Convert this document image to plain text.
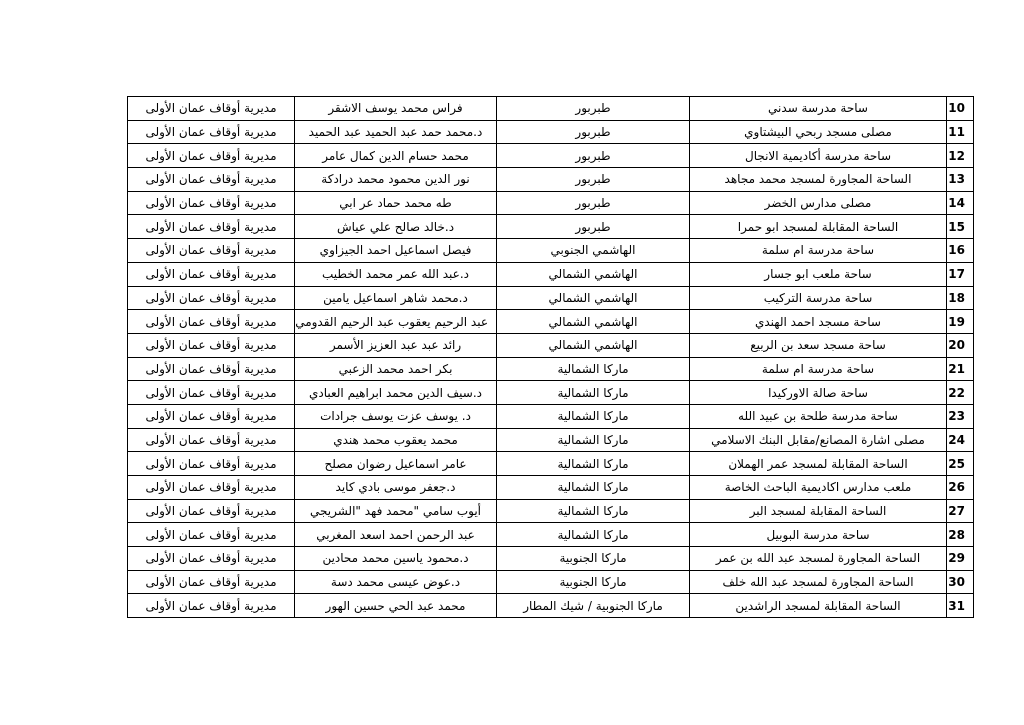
10	ساحة مدرسة سدني	طبربور	فراس محمد يوسف الاشقر	مديرية أوقاف عمان الأولى
11	مصلى مسجد ربحي البيشتاوي	طبربور	د.محمد حمد عبد الحميد عبد الحميد	مديرية أوقاف عمان الأولى
12	ساحة مدرسة أكاديمية الانجال	طبربور	محمد حسام الدين كمال عامر	مديرية أوقاف عمان الأولى
13	الساحة المجاورة لمسجد محمد مجاهد	طبربور	نور الدين محمود محمد درادكة	مديرية أوقاف عمان الأولى
14	مصلى مدارس الخضر	طبربور	طه محمد حماد عر ابي	مديرية أوقاف عمان الأولى
15	الساحة المقابلة لمسجد ابو حمرا	طبربور	د.خالد صالح علي عياش	مديرية أوقاف عمان الأولى
16	ساحة مدرسة ام سلمة	الهاشمي الجنوبي	فيصل اسماعيل احمد الجيزاوي	مديرية أوقاف عمان الأولى
17	ساحة ملعب ابو جسار	الهاشمي الشمالي	د.عبد الله عمر محمد الخطيب	مديرية أوقاف عمان الأولى
18	ساحة مدرسة التركيب	الهاشمي الشمالي	د.محمد شاهر اسماعيل يامين	مديرية أوقاف عمان الأولى
19	ساحة مسجد احمد الهندي	الهاشمي الشمالي	عبد الرحيم يعقوب عبد الرحيم القدومي	مديرية أوقاف عمان الأولى
20	ساحة مسجد سعد بن الربيع	الهاشمي الشمالي	رائد عبد عبد العزيز الأسمر	مديرية أوقاف عمان الأولى
21	ساحة مدرسة ام سلمة	ماركا الشمالية	بكر احمد محمد الزعبي	مديرية أوقاف عمان الأولى
22	ساحة صالة الاوركيدا	ماركا الشمالية	د.سيف الدين محمد ابراهيم العبادي	مديرية أوقاف عمان الأولى
23	ساحة مدرسة طلحة بن عبيد الله	ماركا الشمالية	د. يوسف عزت يوسف جرادات	مديرية أوقاف عمان الأولى
24	مصلى اشارة المصانع/مقابل البنك الاسلامي	ماركا الشمالية	محمد يعقوب محمد هندي	مديرية أوقاف عمان الأولى
25	الساحة المقابلة لمسجد عمر الهملان	ماركا الشمالية	عامر اسماعيل رضوان مصلح	مديرية أوقاف عمان الأولى
26	ملعب مدارس اكاديمية الباحث الخاصة	ماركا الشمالية	د.جعفر موسى بادي كايد	مديرية أوقاف عمان الأولى
27	الساحة المقابلة لمسجد البر	ماركا الشمالية	أيوب سامي "محمد فهد "الشريجي	مديرية أوقاف عمان الأولى
28	ساحة مدرسة البوبيل	ماركا الشمالية	عبد الرحمن احمد اسعد المغربي	مديرية أوقاف عمان الأولى
29	الساحة المجاورة لمسجد عبد الله بن عمر	ماركا الجنوبية	د.محمود ياسين محمد محادين	مديرية أوقاف عمان الأولى
30	الساحة المجاورة لمسجد عبد الله خلف	ماركا الجنوبية	د.عوض عيسى محمد دسة	مديرية أوقاف عمان الأولى
31	الساحة المقابلة لمسجد الراشدين	ماركا الجنوبية / شيك المطار	محمد عبد الحي حسين الهور	مديرية أوقاف عمان الأولى
